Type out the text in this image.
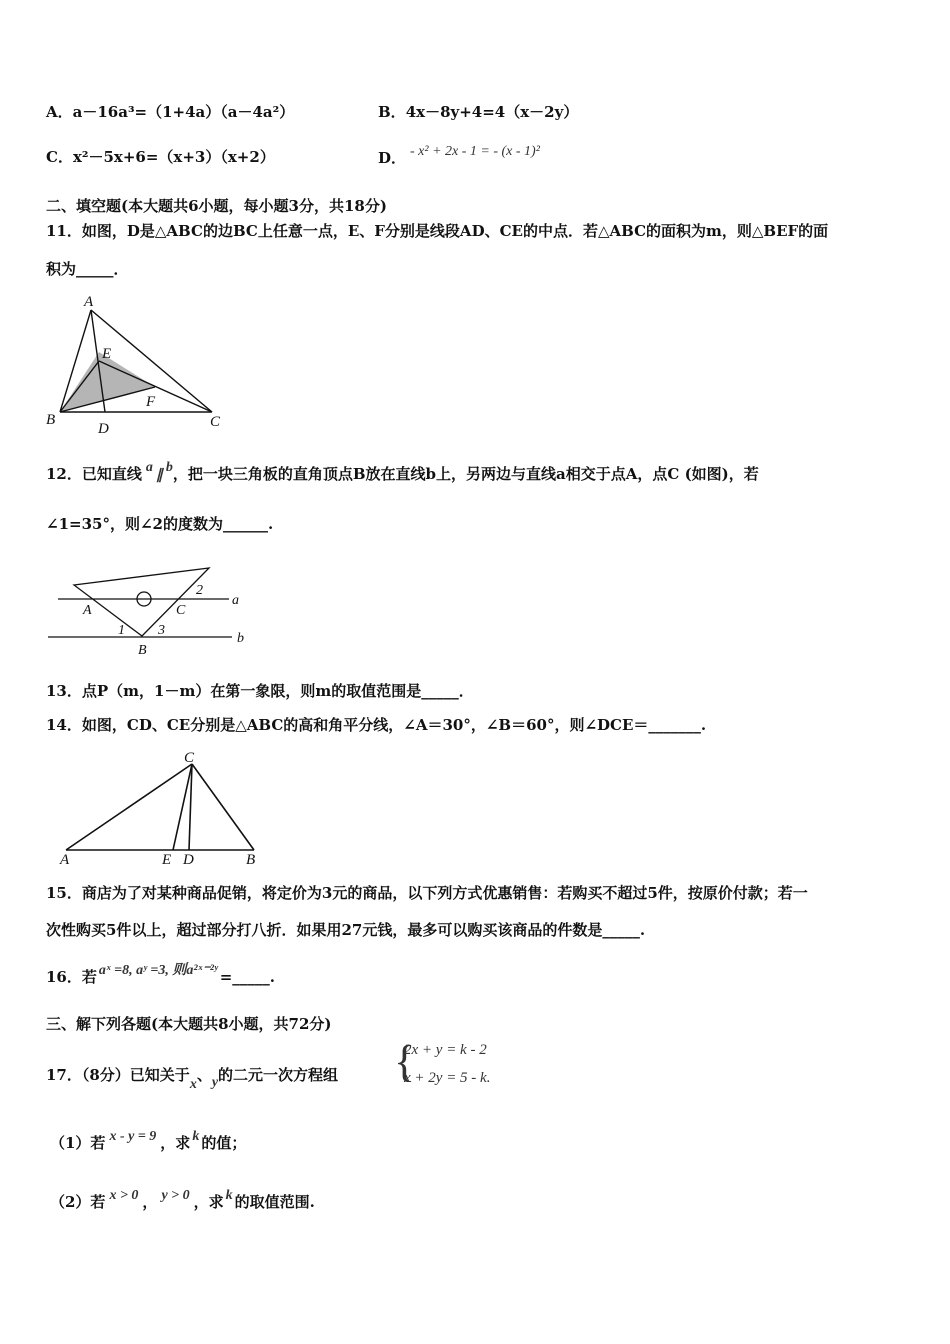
A．a－16a³=（1+4a）（a－4a²）	B．4x－8y+4=4（x－2y）
C．x²－5x+6=（x+3）（x+2）	D． - x² + 2x - 1 = - (x - 1)²
二、填空题(本大题共6小题，每小题3分，共18分)
11．如图，D是△ABC的边BC上任意一点，E、F分别是线段AD、CE的中点．若△ABC的面积为m，则△BEF的面
积为_____．
A
B	C
D
E
F
12．已知直线 a∥b，把一块三角板的直角顶点B放在直线b上，另两边与直线a相交于点A，点C (如图)，若
∠1=35°，则∠2的度数为______.
A
B
C
1
2
3
a
b
13．点P（m，1－m）在第一象限，则m的取值范围是_____．
14．如图，CD、CE分别是△ABC的高和角平分线，∠A＝30°，∠B＝60°，则∠DCE＝_______.
C
A	E D	B
15．商店为了对某种商品促销，将定价为3元的商品，以下列方式优惠销售：若购买不超过5件，按原价付款；若一
次性购买5件以上，超过部分打八折．如果用27元钱，最多可以购买该商品的件数是_____.
16．若 aˣ =8, aʸ =3, 则a²ˣ⁻²ʸ =_____.
三、解下列各题(本大题共8小题，共72分)
17．（8分）已知关于x、y的二元一次方程组 {
2x + y = k - 2
x + 2y = 5 - k.
（1）若 x - y = 9 ，求 k 的值；
（2）若 x > 0 ， y > 0 ，求 k 的取值范围.
